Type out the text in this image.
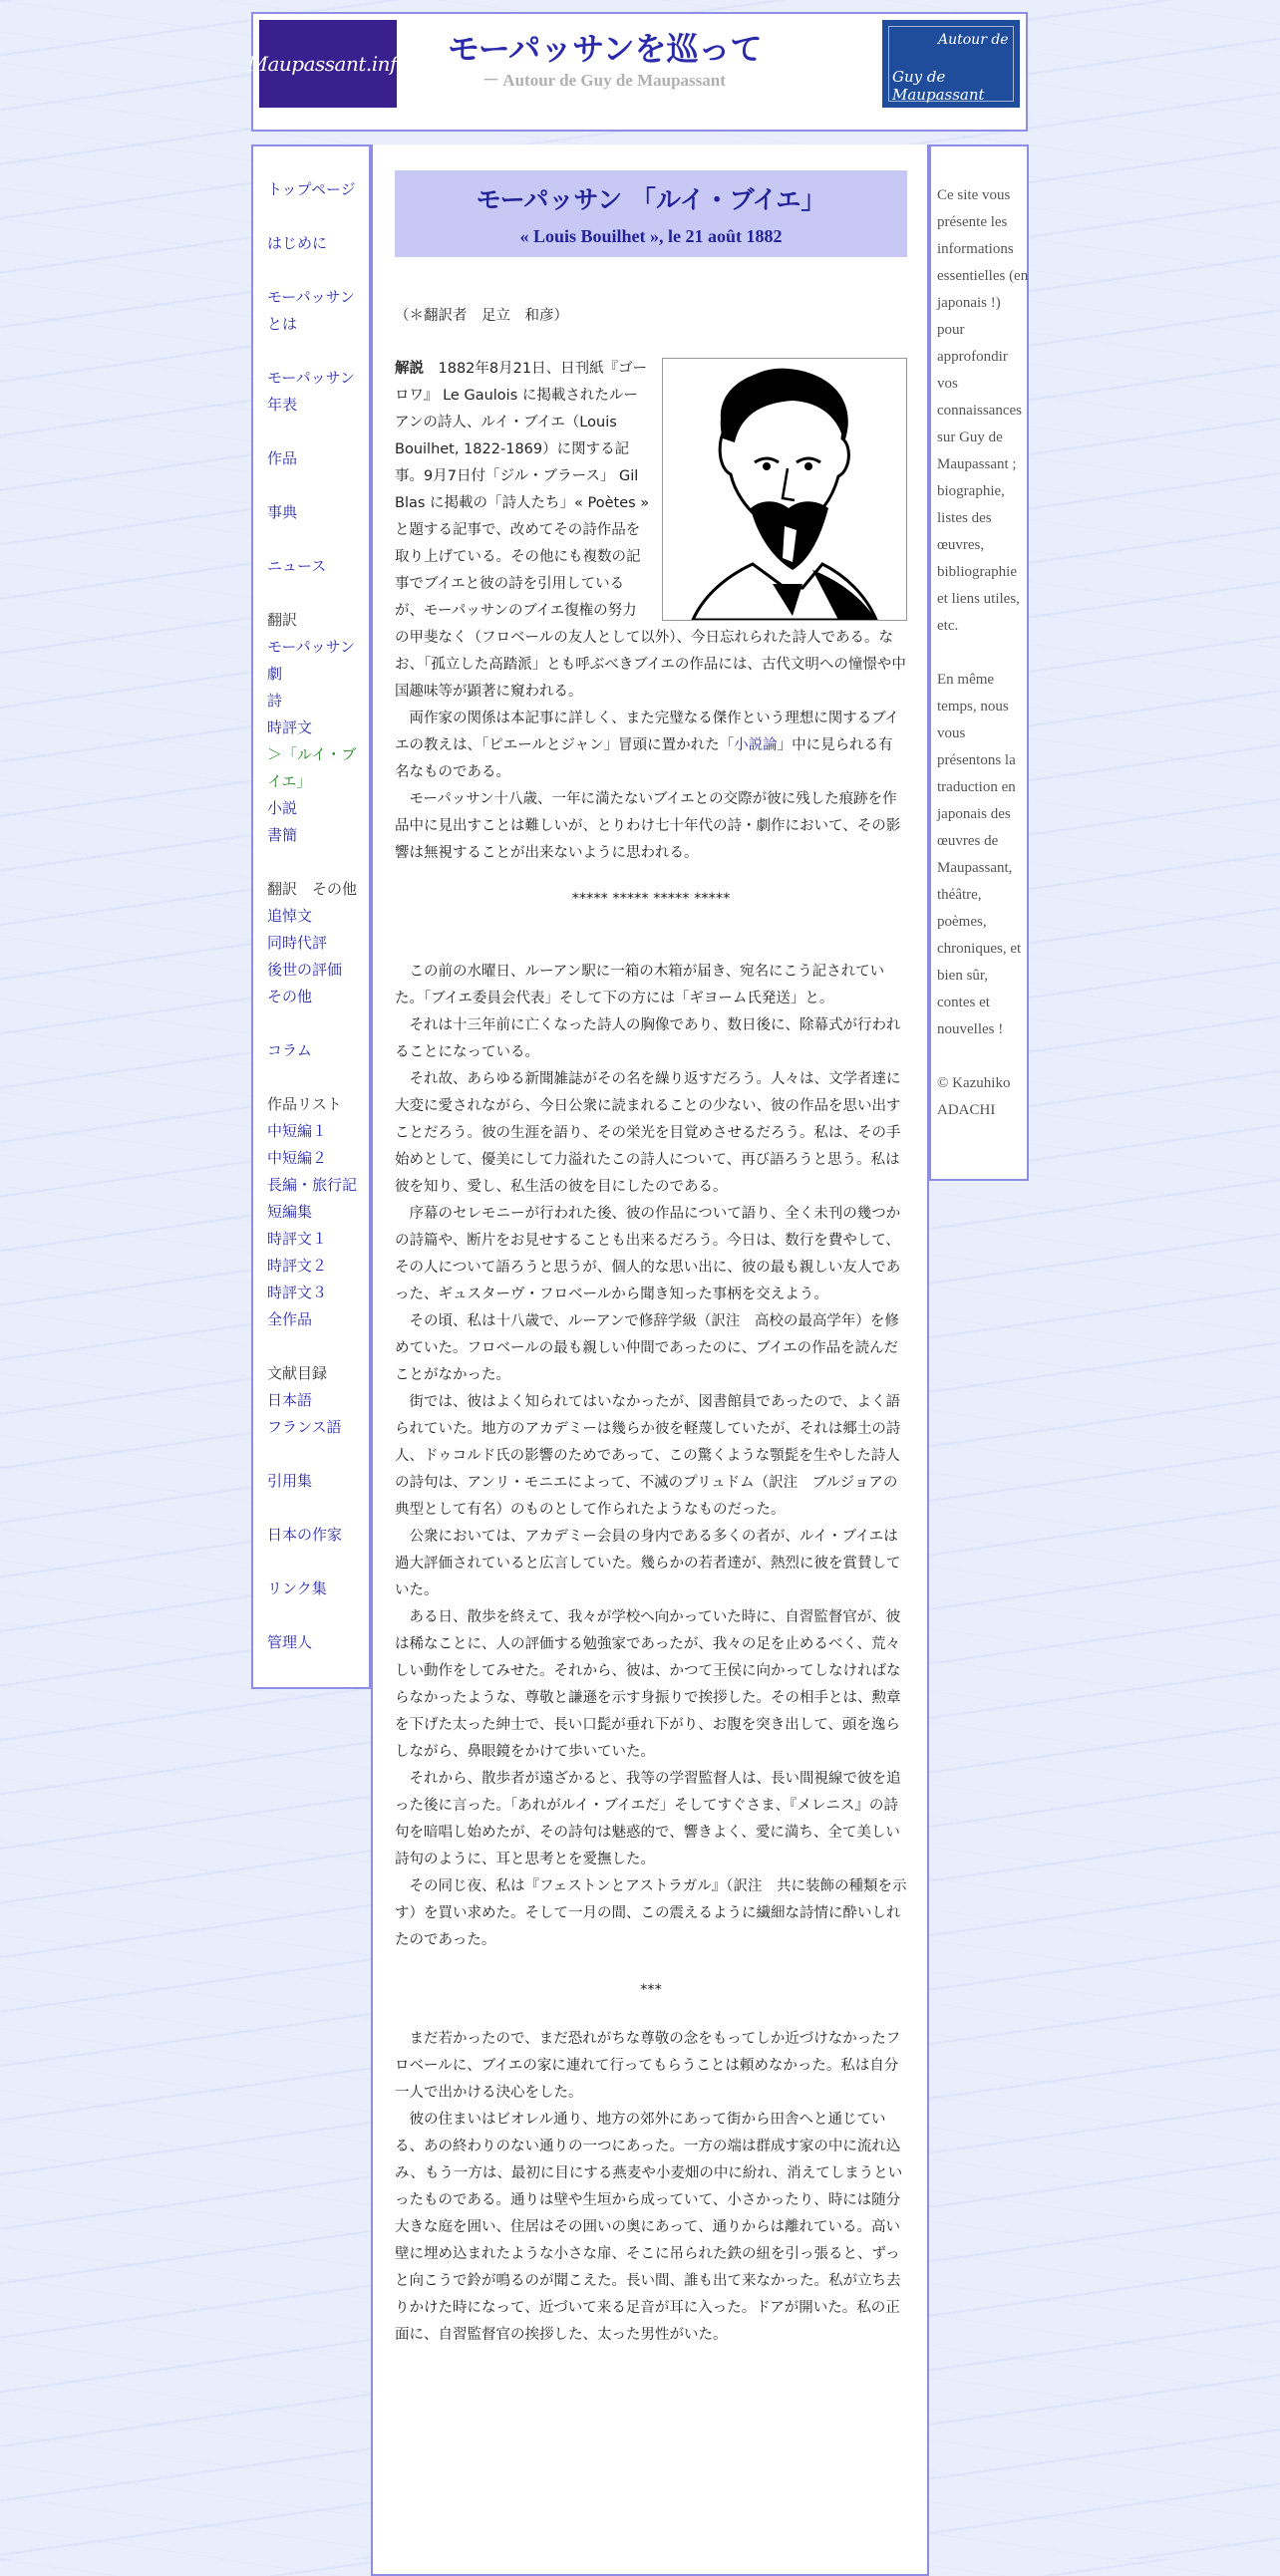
Maupassant.info モーパッサンを巡って
－ Autour de Guy de Maupassant
Autour de
Guy de Maupassant
トップページ
はじめに
モーパッサンとは
モーパッサン年表
作品
事典
ニュース
翻訳
モーパッサン劇
詩
時評文
＞「ルイ・ブイエ」
小説
書簡
翻訳　その他
追悼文
同時代評
後世の評価
その他
コラム
作品リスト
中短編１
中短編２
長編・旅行記
短編集
時評文１
時評文２
時評文３
全作品
文献目録
日本語
フランス語
引用集
日本の作家
リンク集
管理人
モーパッサン 「ルイ・ブイエ」
« Louis Bouilhet », le 21 août 1882

（＊翻訳者　足立　和彦）

解説　1882年8月21日、日刊紙『ゴーロワ』 Le Gaulois に掲載されたルーアンの詩人、ルイ・ブイエ（Louis Bouilhet, 1822-1869）に関する記事。9月7日付「ジル・ブラース」 Gil Blas に掲載の「詩人たち」« Poètes » と題する記事で、改めてその詩作品を取り上げている。その他にも複数の記事でブイエと彼の詩を引用しているが、モーパッサンのブイエ復権の努力の甲斐なく（フロベールの友人として以外）、今日忘れられた詩人である。なお、「孤立した高踏派」とも呼ぶべきブイエの作品には、古代文明への憧憬や中国趣味等が顕著に窺われる。

両作家の関係は本記事に詳しく、また完璧なる傑作という理想に関するブイエの教えは、「ピエールとジャン」冒頭に置かれた「小説論」中に見られる有名なものである。

モーパッサン十八歳、一年に満たないブイエとの交際が彼に残した痕跡を作品中に見出すことは難しいが、とりわけ七十年代の詩・劇作において、その影響は無視することが出来ないように思われる。

***** ***** ***** *****

この前の水曜日、ルーアン駅に一箱の木箱が届き、宛名にこう記されていた。「ブイエ委員会代表」そして下の方には「ギヨーム氏発送」と。

それは十三年前に亡くなった詩人の胸像であり、数日後に、除幕式が行われることになっている。

それ故、あらゆる新聞雑誌がその名を繰り返すだろう。人々は、文学者達に大変に愛されながら、今日公衆に読まれることの少ない、彼の作品を思い出すことだろう。彼の生涯を語り、その栄光を目覚めさせるだろう。私は、その手始めとして、優美にして力溢れたこの詩人について、再び語ろうと思う。私は彼を知り、愛し、私生活の彼を目にしたのである。

序幕のセレモニーが行われた後、彼の作品について語り、全く未刊の幾つかの詩篇や、断片をお見せすることも出来るだろう。今日は、数行を費やして、その人について語ろうと思うが、個人的な思い出に、彼の最も親しい友人であった、ギュスターヴ・フロベールから聞き知った事柄を交えよう。

その頃、私は十八歳で、ルーアンで修辞学級（訳注　高校の最高学年）を修めていた。フロベールの最も親しい仲間であったのに、ブイエの作品を読んだことがなかった。

街では、彼はよく知られてはいなかったが、図書館員であったので、よく語られていた。地方のアカデミーは幾らか彼を軽蔑していたが、それは郷土の詩人、ドゥコルド氏の影響のためであって、この驚くような顎髭を生やした詩人の詩句は、アンリ・モニエによって、不滅のプリュドム（訳注　ブルジョアの典型として有名）のものとして作られたようなものだった。

公衆においては、アカデミー会員の身内である多くの者が、ルイ・ブイエは過大評価されていると広言していた。幾らかの若者達が、熱烈に彼を賞賛していた。

ある日、散歩を終えて、我々が学校へ向かっていた時に、自習監督官が、彼は稀なことに、人の評価する勉強家であったが、我々の足を止めるべく、荒々しい動作をしてみせた。それから、彼は、かつて王侯に向かってしなければならなかったような、尊敬と謙遜を示す身振りで挨拶した。その相手とは、勲章を下げた太った紳士で、長い口髭が垂れ下がり、お腹を突き出して、頭を逸らしながら、鼻眼鏡をかけて歩いていた。

それから、散歩者が遠ざかると、我等の学習監督人は、長い間視線で彼を追った後に言った。「あれがルイ・ブイエだ」そしてすぐさま、『メレニス』の詩句を暗唱し始めたが、その詩句は魅惑的で、響きよく、愛に満ち、全て美しい詩句のように、耳と思考とを愛撫した。

その同じ夜、私は『フェストンとアストラガル』（訳注　共に装飾の種類を示す）を買い求めた。そして一月の間、この震えるように繊細な詩情に酔いしれたのであった。

***

まだ若かったので、まだ恐れがちな尊敬の念をもってしか近づけなかったフロベールに、ブイエの家に連れて行ってもらうことは頼めなかった。私は自分一人で出かける決心をした。

彼の住まいはビオレル通り、地方の郊外にあって街から田舎へと通じている、あの終わりのない通りの一つにあった。一方の端は群成す家の中に流れ込み、もう一方は、最初に目にする燕麦や小麦畑の中に紛れ、消えてしまうといったものである。通りは壁や生垣から成っていて、小さかったり、時には随分大きな庭を囲い、住居はその囲いの奥にあって、通りからは離れている。高い壁に埋め込まれたような小さな扉、そこに吊られた鉄の紐を引っ張ると、ずっと向こうで鈴が鳴るのが聞こえた。長い間、誰も出て来なかった。私が立ち去りかけた時になって、近づいて来る足音が耳に入った。ドアが開いた。私の正面に、自習監督官の挨拶した、太った男性がいた。

Ce site vous présente les informations essentielles (en japonais !) pour approfondir vos connaissances sur Guy de Maupassant ; biographie, listes des œuvres, bibliographie et liens utiles, etc.
En même temps, nous vous présentons la traduction en japonais des œuvres de Maupassant, théâtre, poèmes, chroniques, et bien sûr, contes et nouvelles !
© Kazuhiko ADACHI
